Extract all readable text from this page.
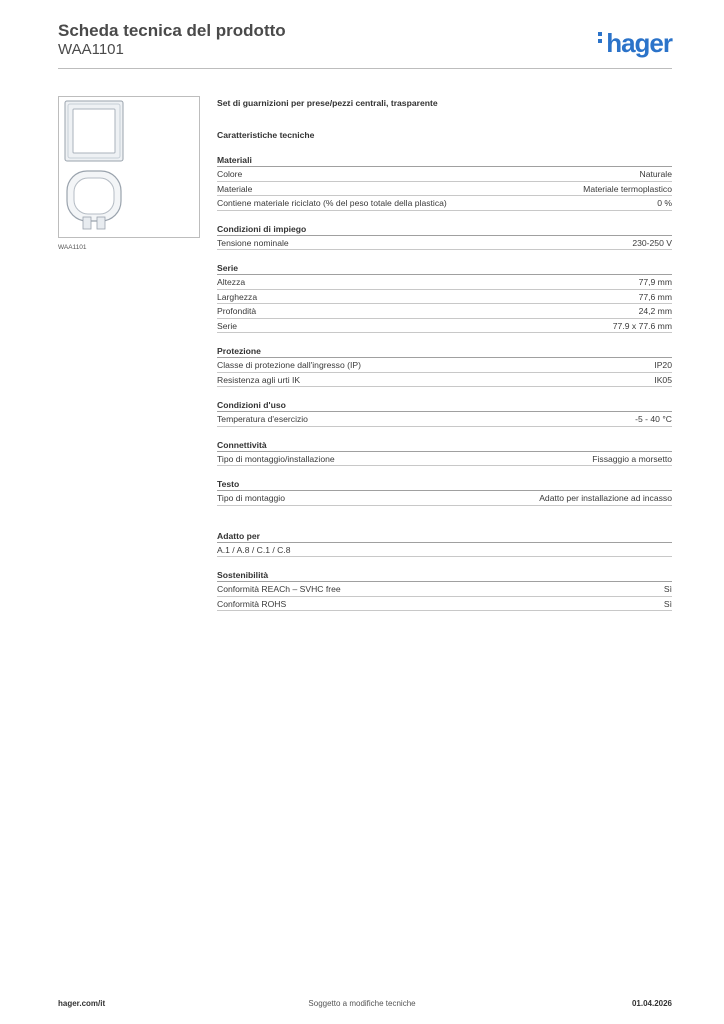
Scheda tecnica del prodotto
WAA1101	hager
WAA1101
Set di guarnizioni per prese/pezzi centrali, trasparente
Caratteristiche tecniche
Materiali
Colore	Naturale
Materiale	Materiale termoplastico
Contiene materiale riciclato (% del peso totale della plastica)	0 %
Condizioni di impiego
Tensione nominale	230-250 V
Serie
Altezza	77,9 mm
Larghezza	77,6 mm
Profondità	24,2 mm
Serie	77.9 x 77.6 mm
Protezione
Classe di protezione dall'ingresso (IP)	IP20
Resistenza agli urti IK	IK05
Condizioni d'uso
Temperatura d'esercizio	-5 - 40 °C
Connettività
Tipo di montaggio/installazione	Fissaggio a morsetto
Testo
Tipo di montaggio	Adatto per installazione ad incasso
Adatto per
A.1 / A.8 / C.1 / C.8
Sostenibilità
Conformità REACh – SVHC free	Sì
Conformità ROHS	Sì
Soggetto a modifiche tecniche
hager.com/it	01.04.2026
